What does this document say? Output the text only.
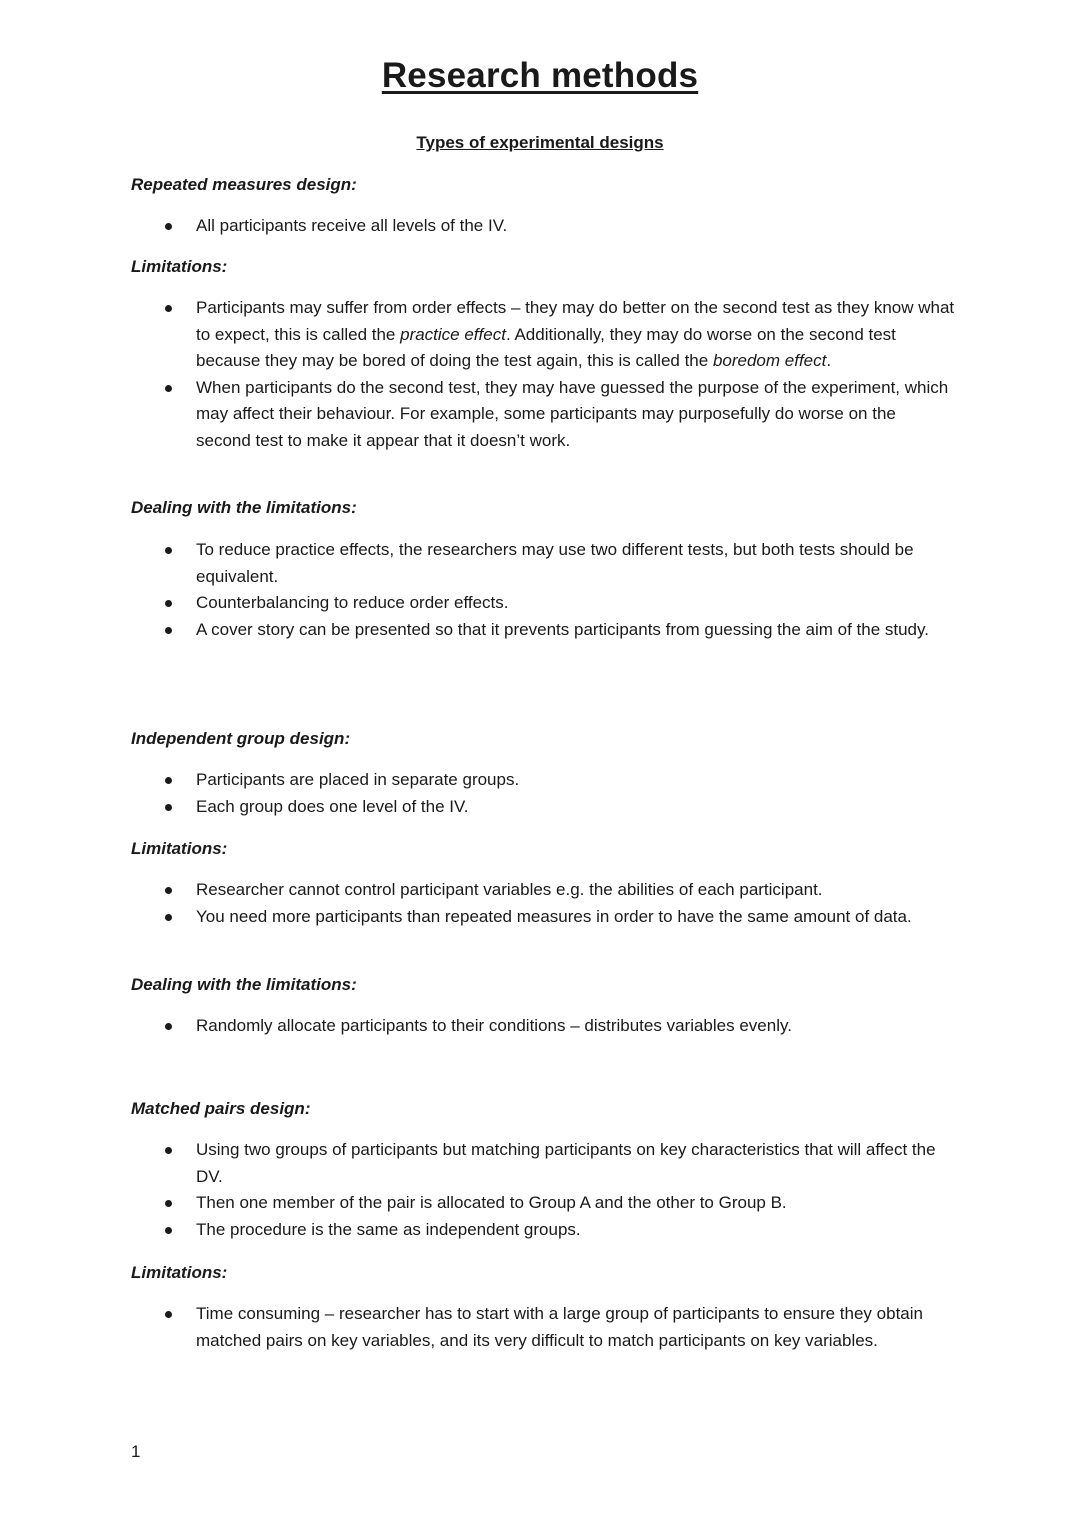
Research methods
Types of experimental designs
Repeated measures design:
All participants receive all levels of the IV.
Limitations:
Participants may suffer from order effects – they may do better on the second test as they know what to expect, this is called the practice effect. Additionally, they may do worse on the second test because they may be bored of doing the test again, this is called the boredom effect.
When participants do the second test, they may have guessed the purpose of the experiment, which may affect their behaviour. For example, some participants may purposefully do worse on the second test to make it appear that it doesn’t work.
Dealing with the limitations:
To reduce practice effects, the researchers may use two different tests, but both tests should be equivalent.
Counterbalancing to reduce order effects.
A cover story can be presented so that it prevents participants from guessing the aim of the study.
Independent group design:
Participants are placed in separate groups.
Each group does one level of the IV.
Limitations:
Researcher cannot control participant variables e.g. the abilities of each participant.
You need more participants than repeated measures in order to have the same amount of data.
Dealing with the limitations:
Randomly allocate participants to their conditions – distributes variables evenly.
Matched pairs design:
Using two groups of participants but matching participants on key characteristics that will affect the DV.
Then one member of the pair is allocated to Group A and the other to Group B.
The procedure is the same as independent groups.
Limitations:
Time consuming – researcher has to start with a large group of participants to ensure they obtain matched pairs on key variables, and its very difficult to match participants on key variables.
1
